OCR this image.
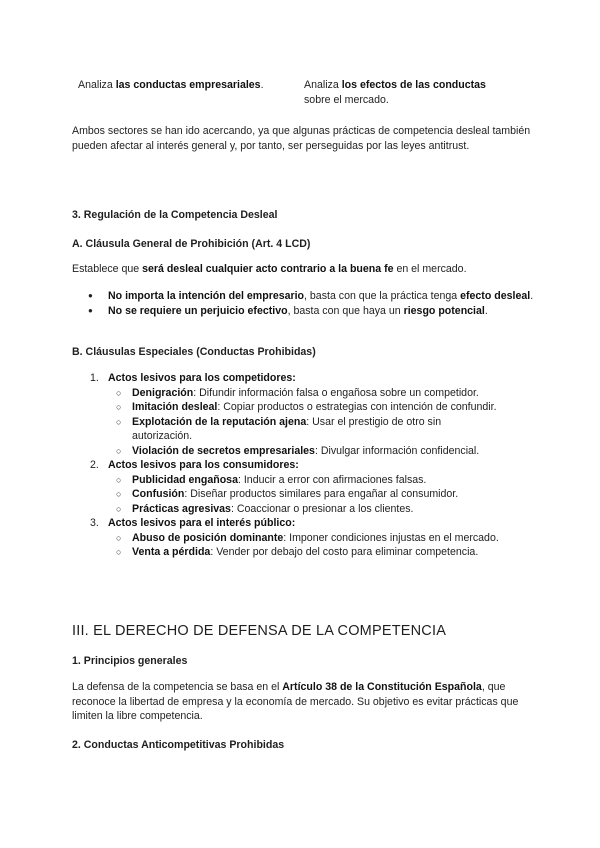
Analiza las conductas empresariales.	Analiza los efectos de las conductas
sobre el mercado.
Ambos sectores se han ido acercando, ya que algunas prácticas de competencia desleal también pueden afectar al interés general y, por tanto, ser perseguidas por las leyes antitrust.
3. Regulación de la Competencia Desleal
A. Cláusula General de Prohibición (Art. 4 LCD)
Establece que será desleal cualquier acto contrario a la buena fe en el mercado.
● No importa la intención del empresario, basta con que la práctica tenga efecto desleal.
● No se requiere un perjuicio efectivo, basta con que haya un riesgo potencial.
B. Cláusulas Especiales (Conductas Prohibidas)
1. Actos lesivos para los competidores:
○ Denigración: Difundir información falsa o engañosa sobre un competidor.
○ Imitación desleal: Copiar productos o estrategias con intención de confundir.
○ Explotación de la reputación ajena: Usar el prestigio de otro sin autorización.
○ Violación de secretos empresariales: Divulgar información confidencial.
2. Actos lesivos para los consumidores:
○ Publicidad engañosa: Inducir a error con afirmaciones falsas.
○ Confusión: Diseñar productos similares para engañar al consumidor.
○ Prácticas agresivas: Coaccionar o presionar a los clientes.
3. Actos lesivos para el interés público:
○ Abuso de posición dominante: Imponer condiciones injustas en el mercado.
○ Venta a pérdida: Vender por debajo del costo para eliminar competencia.
III. EL DERECHO DE DEFENSA DE LA COMPETENCIA
1. Principios generales
La defensa de la competencia se basa en el Artículo 38 de la Constitución Española, que reconoce la libertad de empresa y la economía de mercado. Su objetivo es evitar prácticas que limiten la libre competencia.
2. Conductas Anticompetitivas Prohibidas
